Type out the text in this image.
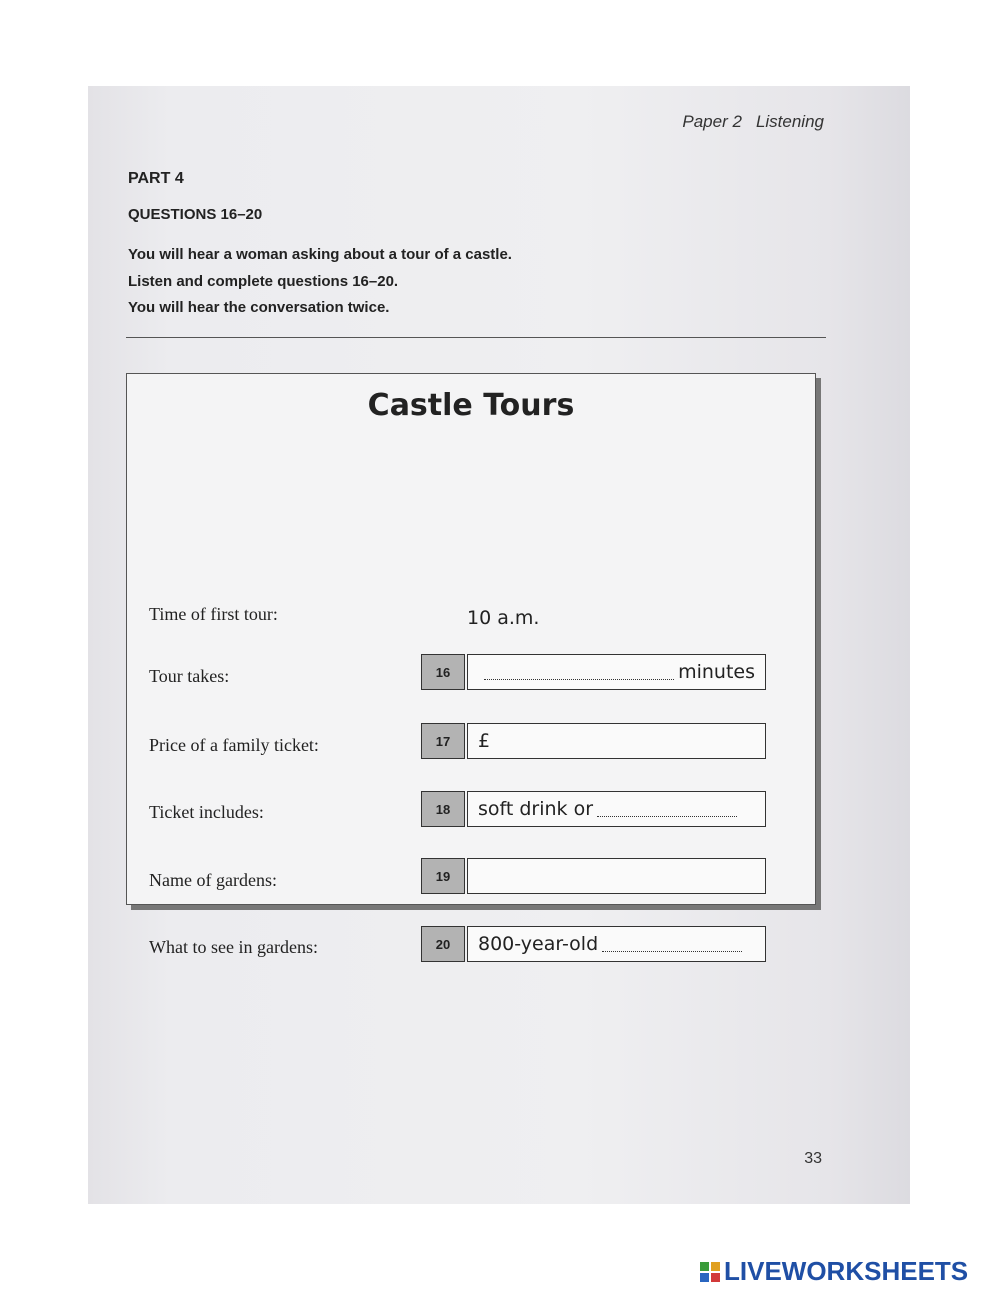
Paper 2 Listening
PART 4
QUESTIONS 16–20
You will hear a woman asking about a tour of a castle.
Listen and complete questions 16–20.
You will hear the conversation twice.
Castle Tours
Time of first tour:	10 a.m.
Tour takes:	16	minutes
Price of a family ticket:	17	£
Ticket includes:	18	soft drink or
Name of gardens:	19
What to see in gardens:	20	800-year-old
33
LIVEWORKSHEETS
